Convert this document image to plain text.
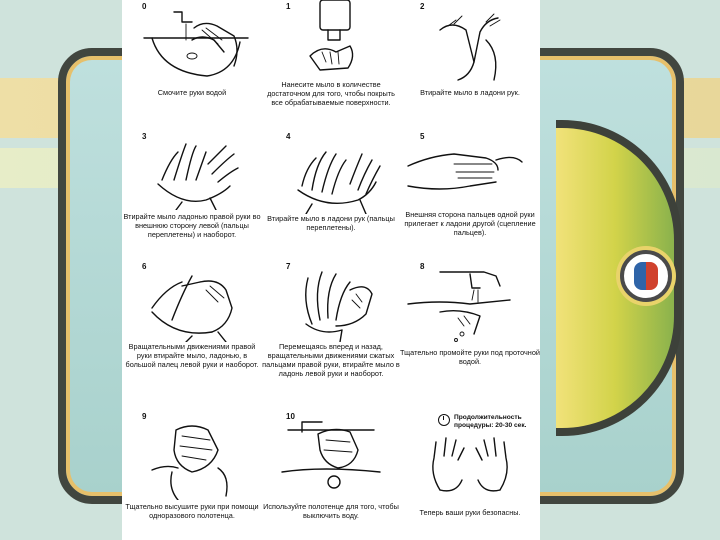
0
Смочите руки водой
1
Нанесите мыло в количестве достаточном для того, чтобы покрыть все обрабатываемые поверхности.
2
Втирайте мыло в ладони рук.
3
Втирайте мыло ладонью правой руки во внешнюю сторону левой (пальцы переплетены) и наоборот.
4
Втирайте мыло в ладони рук (пальцы переплетены).
5
Внешняя сторона пальцев одной руки прилегает к ладони другой (сцепление пальцев).
6
Вращательными движениями правой руки втирайте мыло, ладонью, в большой палец левой руки и наоборот.
7
Перемещаясь вперед и назад, вращательными движениями сжатых пальцами правой руки, втирайте мыло в ладонь левой руки и наоборот.
8
Тщательно промойте руки под проточной водой.
9
Тщательно высушите руки при помощи одноразового полотенца.
10
Используйте полотенце для того, чтобы выключить воду.
Продолжительность процедуры: 20-30 сек.
Теперь ваши руки безопасны.
